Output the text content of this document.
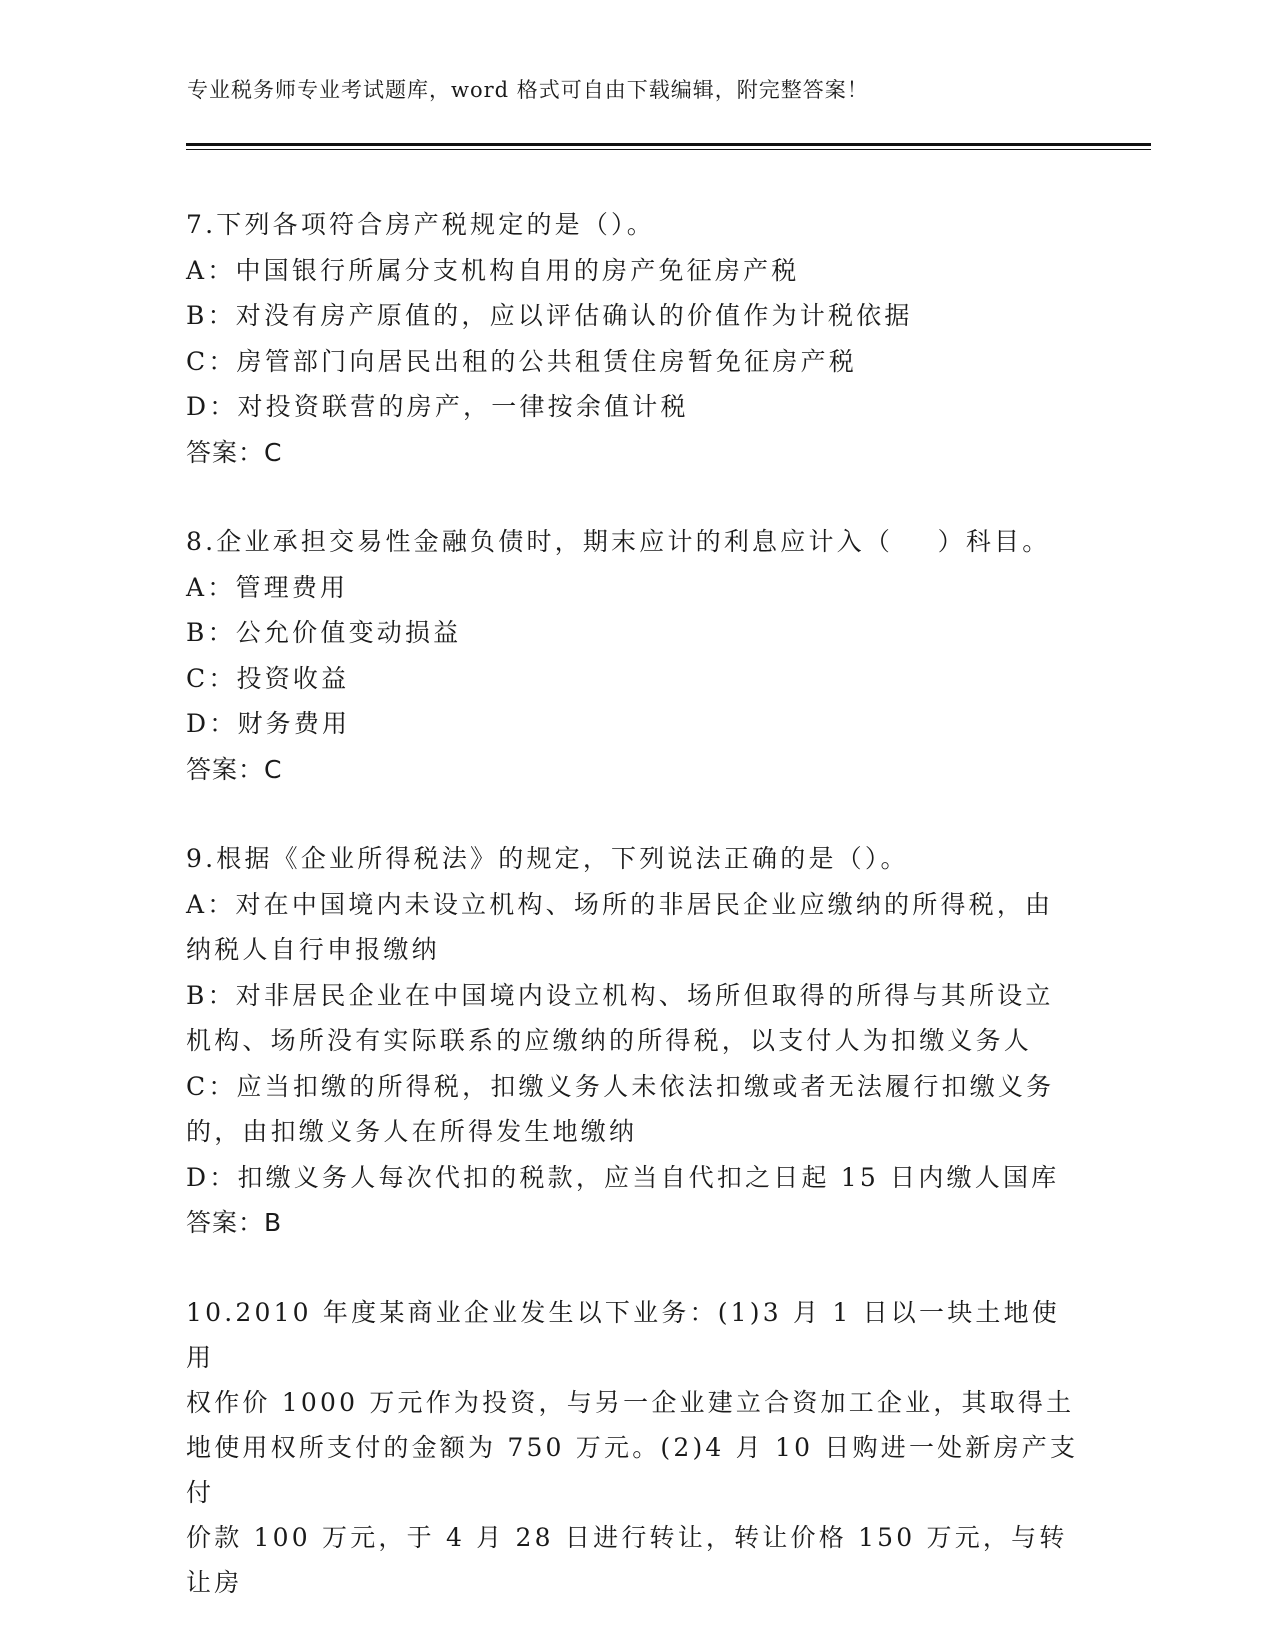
专业税务师专业考试题库，word 格式可自由下载编辑，附完整答案！

7.下列各项符合房产税规定的是（）。

A：中国银行所属分支机构自用的房产免征房产税

B：对没有房产原值的，应以评估确认的价值作为计税依据

C：房管部门向居民出租的公共租赁住房暂免征房产税

D：对投资联营的房产，一律按余值计税

答案：C

8.企业承担交易性金融负债时，期末应计的利息应计入（    ）科目。

A：管理费用

B：公允价值变动损益

C：投资收益

D：财务费用

答案：C

9.根据《企业所得税法》的规定，下列说法正确的是（）。

A：对在中国境内未设立机构、场所的非居民企业应缴纳的所得税，由

纳税人自行申报缴纳

B：对非居民企业在中国境内设立机构、场所但取得的所得与其所设立

机构、场所没有实际联系的应缴纳的所得税，以支付人为扣缴义务人

C：应当扣缴的所得税，扣缴义务人未依法扣缴或者无法履行扣缴义务

的，由扣缴义务人在所得发生地缴纳

D：扣缴义务人每次代扣的税款，应当自代扣之日起 15 日内缴人国库

答案：B

10.2010 年度某商业企业发生以下业务：(1)3 月 1 日以一块土地使用

权作价 1000 万元作为投资，与另一企业建立合资加工企业，其取得土

地使用权所支付的金额为 750 万元。(2)4 月 10 日购进一处新房产支付

价款 100 万元，于 4 月 28 日进行转让，转让价格 150 万元，与转让房
